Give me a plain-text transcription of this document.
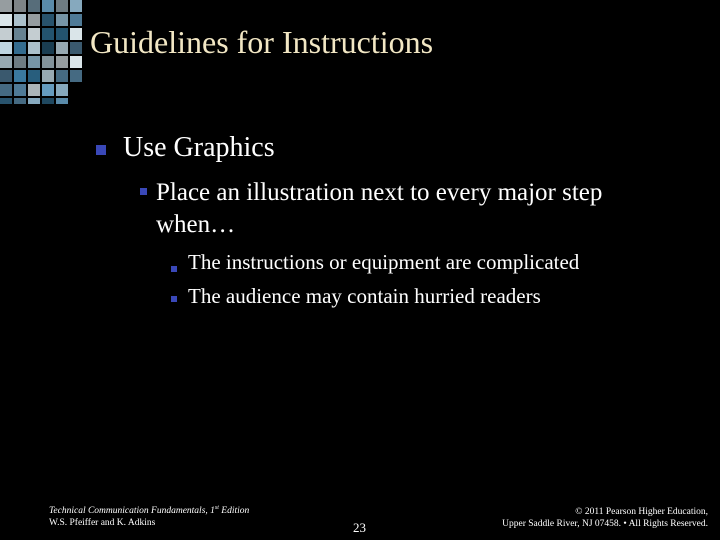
Guidelines for Instructions

Use Graphics

Place an illustration next to every major step when…

The instructions or equipment are complicated

The audience may contain hurried readers

Technical Communication Fundamentals, 1st Edition
W.S. Pfeiffer and K. Adkins	23
© 2011 Pearson Higher Education,
Upper Saddle River, NJ 07458. • All Rights Reserved.
